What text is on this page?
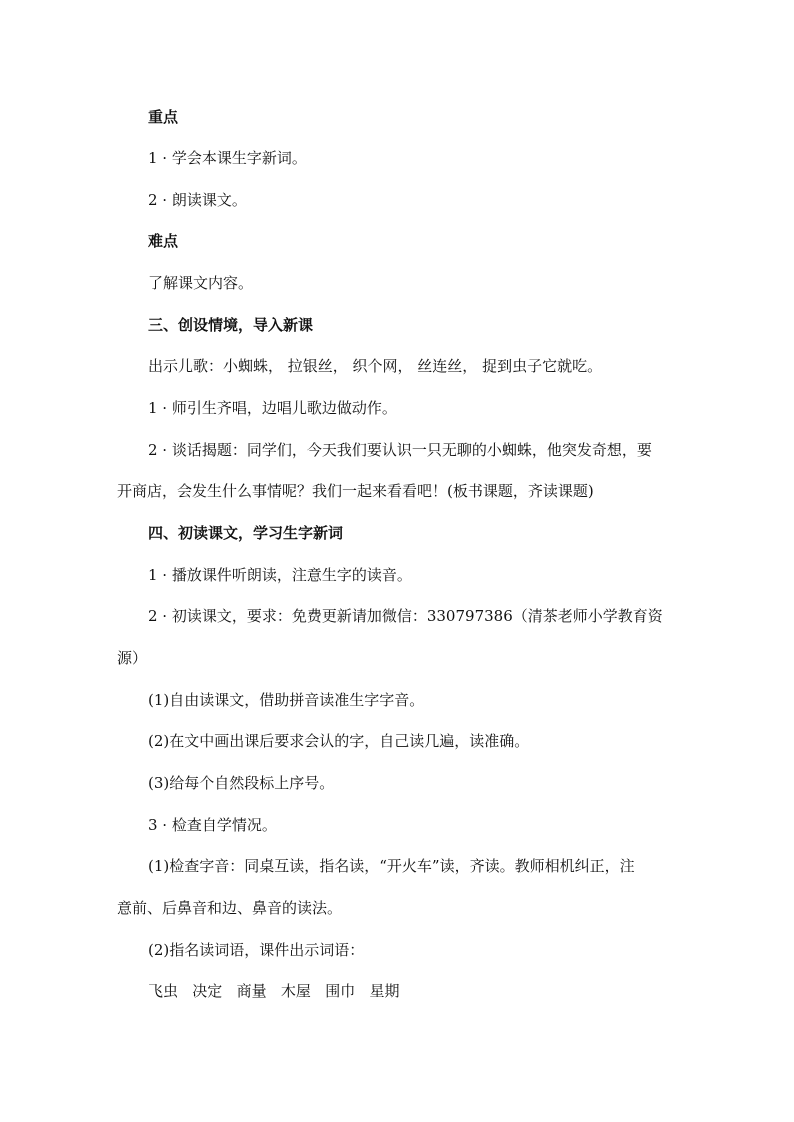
重点
1 · 学会本课生字新词。
2 · 朗读课文。
难点
了解课文内容。
三、创设情境，导入新课
出示儿歌：小蜘蛛， 拉银丝， 织个网， 丝连丝， 捉到虫子它就吃。
1 · 师引生齐唱，边唱儿歌边做动作。
2 · 谈话揭题：同学们，今天我们要认识一只无聊的小蜘蛛，他突发奇想，要
开商店，会发生什么事情呢？我们一起来看看吧！(板书课题，齐读课题)
四、初读课文，学习生字新词
1 · 播放课件听朗读，注意生字的读音。
2 · 初读课文，要求：免费更新请加微信：330797386（清茶老师小学教育资
源）
(1)自由读课文，借助拼音读准生字字音。
(2)在文中画出课后要求会认的字，自己读几遍，读准确。
(3)给每个自然段标上序号。
3 · 检查自学情况。
(1)检查字音：同桌互读，指名读，“开火车”读，齐读。教师相机纠正，注
意前、后鼻音和边、鼻音的读法。
(2)指名读词语，课件出示词语：
飞虫   决定   商量   木屋   围巾   星期
